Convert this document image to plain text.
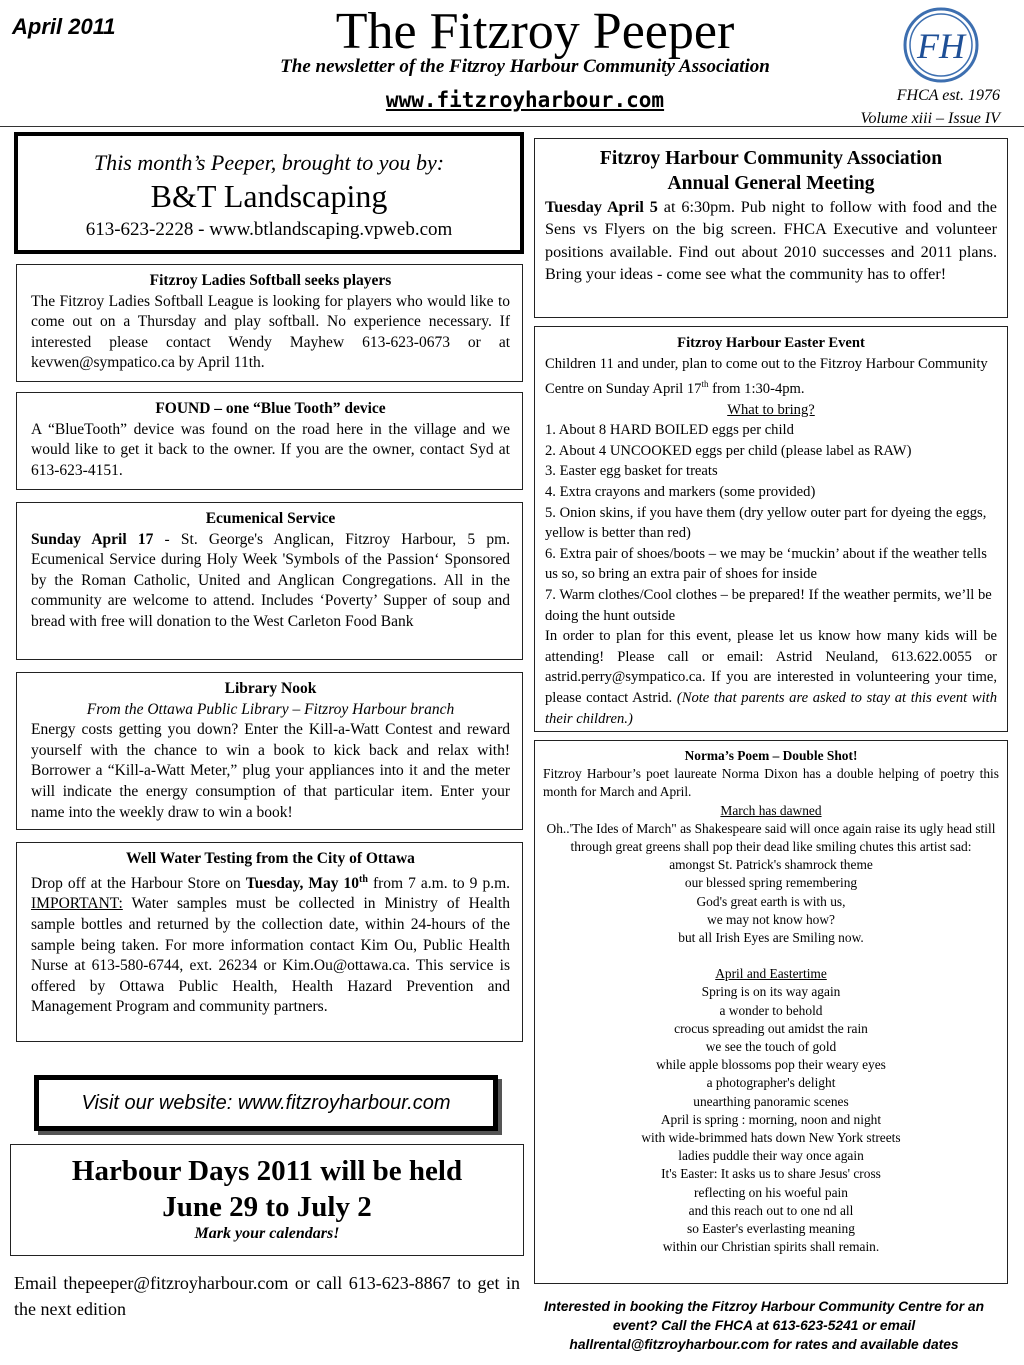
April 2011	The Fitzroy Peeper
The newsletter of the Fitzroy Harbour Community Association
www.fitzroyharbour.com	FHCA est. 1976
Volume xiii – Issue IV
FH
This month’s Peeper, brought to you by:
B&T Landscaping
613-623-2228 - www.btlandscaping.vpweb.com
Fitzroy Ladies Softball seeks players

The Fitzroy Ladies Softball League is looking for players who would like to come out on a Thursday and play softball. No experience necessary. If interested please contact Wendy Mayhew 613-623-0673 or at kevwen@sympatico.ca by April 11th.

FOUND – one “Blue Tooth” device

A “BlueTooth” device was found on the road here in the village and we would like to get it back to the owner. If you are the owner, contact Syd at 613-623-4151.

Ecumenical Service

Sunday April 17 - St. George's Anglican, Fitzroy Harbour, 5 pm. Ecumenical Service during Holy Week 'Symbols of the Passion‘ Sponsored by the Roman Catholic, United and Anglican Congregations. All in the community are welcome to attend. Includes ‘Poverty’ Supper of soup and bread with free will donation to the West Carleton Food Bank

Library Nook
From the Ottawa Public Library – Fitzroy Harbour branch

Energy costs getting you down? Enter the Kill-a-Watt Contest and reward yourself with the chance to win a book to kick back and relax with! Borrower a “Kill-a-Watt Meter,” plug your appliances into it and the meter will indicate the energy consumption of that particular item. Enter your name into the weekly draw to win a book!

Well Water Testing from the City of Ottawa

Drop off at the Harbour Store on Tuesday, May 10th from 7 a.m. to 9 p.m. IMPORTANT: Water samples must be collected in Ministry of Health sample bottles and returned by the collection date, within 24-hours of the sample being taken. For more information contact Kim Ou, Public Health Nurse at 613-580-6744, ext. 26234 or Kim.Ou@ottawa.ca. This service is offered by Ottawa Public Health, Health Hazard Prevention and Management Program and community partners.

Visit our website: www.fitzroyharbour.com
Harbour Days 2011 will be held
June 29 to July 2
Mark your calendars!
Email thepeeper@fitzroyharbour.com or call 613-623-8867 to get in the next edition
Fitzroy Harbour Community Association
Annual General Meeting

Tuesday April 5 at 6:30pm. Pub night to follow with food and the Sens vs Flyers on the big screen. FHCA Executive and volunteer positions available. Find out about 2010 successes and 2011 plans. Bring your ideas - come see what the community has to offer!

Fitzroy Harbour Easter Event

Children 11 and under, plan to come out to the Fitzroy Harbour Community Centre on Sunday April 17th from 1:30-4pm.

What to bring?
1. About 8 HARD BOILED eggs per child
2. About 4 UNCOOKED eggs per child (please label as RAW)
3. Easter egg basket for treats
4. Extra crayons and markers (some provided)
5. Onion skins, if you have them (dry yellow outer part for dyeing the eggs, yellow is better than red)
6. Extra pair of shoes/boots – we may be ‘muckin’ about if the weather tells us so, so bring an extra pair of shoes for inside
7. Warm clothes/Cool clothes – be prepared! If the weather permits, we’ll be doing the hunt outside

In order to plan for this event, please let us know how many kids will be attending! Please call or email: Astrid Neuland, 613.622.0055 or astrid.perry@sympatico.ca. If you are interested in volunteering your time, please contact Astrid. (Note that parents are asked to stay at this event with their children.)

Norma’s Poem – Double Shot!

Fitzroy Harbour’s poet laureate Norma Dixon has a double helping of poetry this month for March and April.

March has dawned
Oh..'The Ides of March" as Shakespeare said will once again raise its ugly head still through great greens shall pop their dead like smiling chutes this artist sad:
amongst St. Patrick's shamrock theme
our blessed spring remembering
God's great earth is with us,
we may not know how?
but all Irish Eyes are Smiling now.
April and Eastertime
Spring is on its way again
a wonder to behold
crocus spreading out amidst the rain
we see the touch of gold
while apple blossoms pop their weary eyes
a photographer's delight
unearthing panoramic scenes
April is spring : morning, noon and night
with wide-brimmed hats down New York streets
ladies puddle their way once again
It's Easter: It asks us to share Jesus' cross
reflecting on his woeful pain
and this reach out to one nd all
so Easter's everlasting meaning
within our Christian spirits shall remain.
Interested in booking the Fitzroy Harbour Community Centre for an event? Call the FHCA at 613-623-5241 or email hallrental@fitzroyharbour.com for rates and available dates
